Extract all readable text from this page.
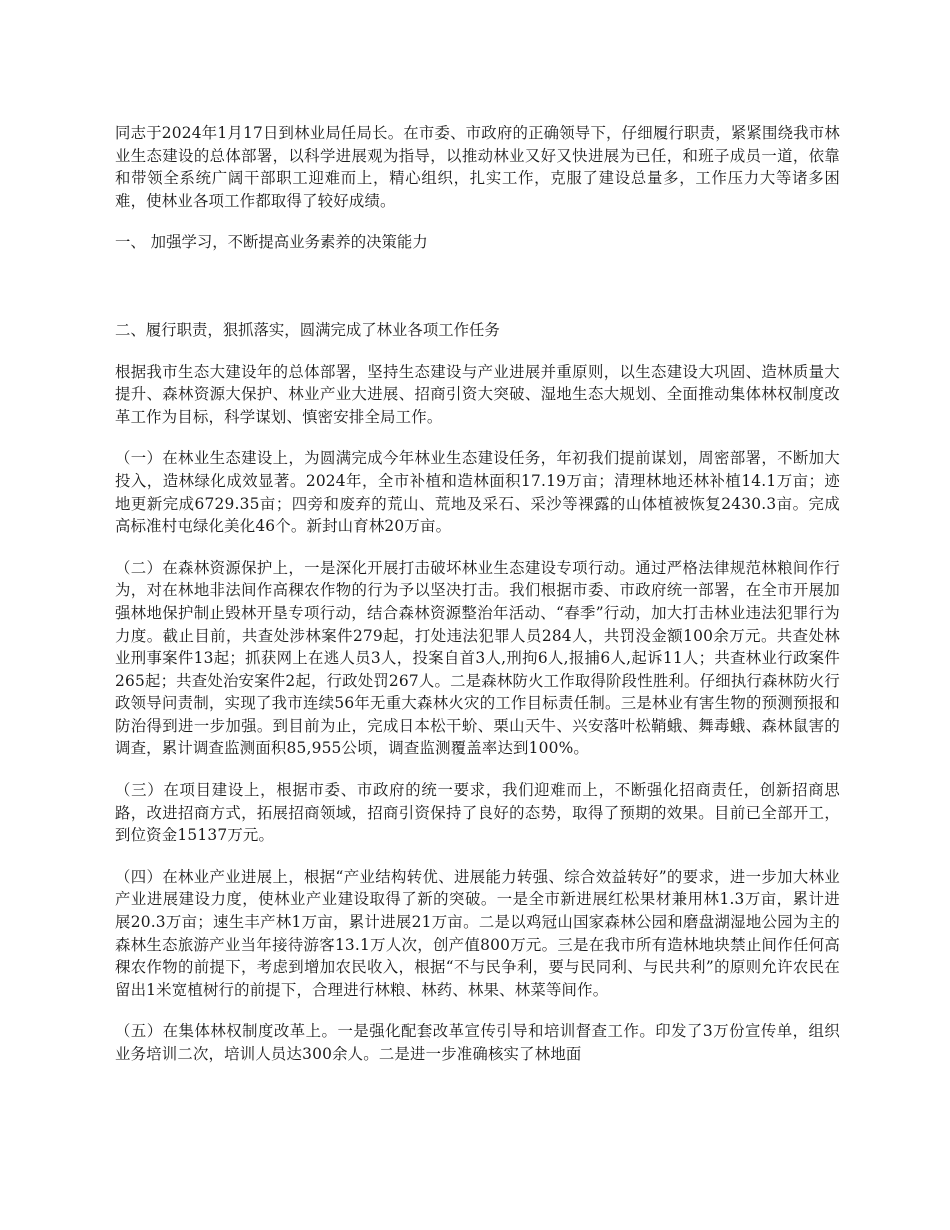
同志于2024年1月17日到林业局任局长。在市委、市政府的正确领导下，仔细履行职责，紧紧围绕我市林业生态建设的总体部署，以科学进展观为指导，以推动林业又好又快进展为已任，和班子成员一道，依靠和带领全系统广阔干部职工迎难而上，精心组织，扎实工作，克服了建设总量多，工作压力大等诸多困难，使林业各项工作都取得了较好成绩。

一、 加强学习，不断提高业务素养的决策能力

二、履行职责，狠抓落实，圆满完成了林业各项工作任务

根据我市生态大建设年的总体部署，坚持生态建设与产业进展并重原则，以生态建设大巩固、造林质量大提升、森林资源大保护、林业产业大进展、招商引资大突破、湿地生态大规划、全面推动集体林权制度改革工作为目标，科学谋划、慎密安排全局工作。

（一）在林业生态建设上，为圆满完成今年林业生态建设任务，年初我们提前谋划，周密部署，不断加大投入，造林绿化成效显著。2024年，全市补植和造林面积17.19万亩；清理林地还林补植14.1万亩；迹地更新完成6729.35亩；四旁和废弃的荒山、荒地及采石、采沙等裸露的山体植被恢复2430.3亩。完成高标准村屯绿化美化46个。新封山育林20万亩。

（二）在森林资源保护上，一是深化开展打击破坏林业生态建设专项行动。通过严格法律规范林粮间作行为，对在林地非法间作高稞农作物的行为予以坚决打击。我们根据市委、市政府统一部署，在全市开展加强林地保护制止毁林开垦专项行动，结合森林资源整治年活动、“春季”行动，加大打击林业违法犯罪行为力度。截止目前，共查处涉林案件279起，打处违法犯罪人员284人，共罚没金额100余万元。共查处林业刑事案件13起；抓获网上在逃人员3人，投案自首3人,刑拘6人,报捕6人,起诉11人；共查林业行政案件265起；共查处治安案件2起，行政处罚267人。二是森林防火工作取得阶段性胜利。仔细执行森林防火行政领导问责制，实现了我市连续56年无重大森林火灾的工作目标责任制。三是林业有害生物的预测预报和防治得到进一步加强。到目前为止，完成日本松干蚧、栗山天牛、兴安落叶松鞘蛾、舞毒蛾、森林鼠害的调查，累计调查监测面积85,955公顷，调查监测覆盖率达到100%。

（三）在项目建设上，根据市委、市政府的统一要求，我们迎难而上，不断强化招商责任，创新招商思路，改进招商方式，拓展招商领域，招商引资保持了良好的态势，取得了预期的效果。目前已全部开工，到位资金15137万元。

（四）在林业产业进展上，根据“产业结构转优、进展能力转强、综合效益转好”的要求，进一步加大林业产业进展建设力度，使林业产业建设取得了新的突破。一是全市新进展红松果材兼用林1.3万亩，累计进展20.3万亩；速生丰产林1万亩，累计进展21万亩。二是以鸡冠山国家森林公园和磨盘湖湿地公园为主的森林生态旅游产业当年接待游客13.1万人次，创产值800万元。三是在我市所有造林地块禁止间作任何高稞农作物的前提下，考虑到增加农民收入，根据“不与民争利，要与民同利、与民共利”的原则允许农民在留出1米宽植树行的前提下，合理进行林粮、林药、林果、林菜等间作。

（五）在集体林权制度改革上。一是强化配套改革宣传引导和培训督查工作。印发了3万份宣传单，组织业务培训二次，培训人员达300余人。二是进一步准确核实了林地面
